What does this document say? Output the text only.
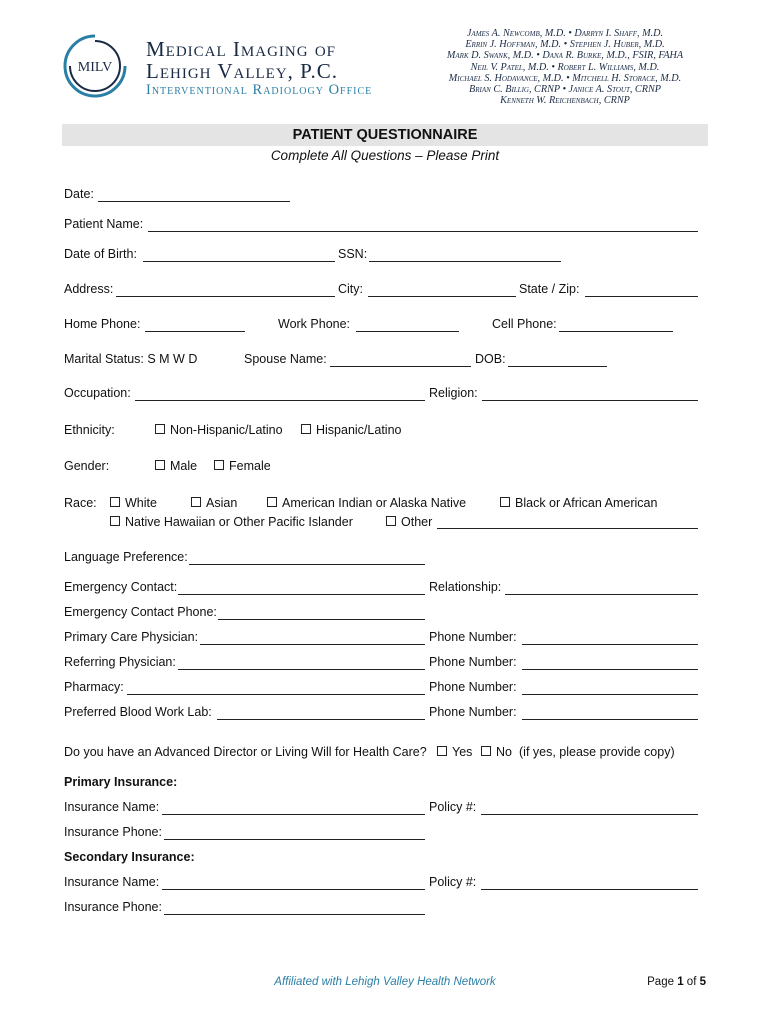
MILV
Medical Imaging of
Lehigh Valley, P.C.
Interventional Radiology Office
James A. Newcomb, M.D. • Darryn I. Shaff, M.D.
Errin J. Hoffman, M.D. • Stephen J. Huber, M.D.
Mark D. Swank, M.D. • Dana R. Burke, M.D., FSIR, FAHA
Neil V. Patel, M.D. • Robert L. Williams, M.D.
Michael S. Hodavance, M.D. • Mitchell H. Storace, M.D.
Brian C. Billig, CRNP • Janice A. Stout, CRNP
Kenneth W. Reichenbach, CRNP
PATIENT QUESTIONNAIRE
Complete All Questions – Please Print
Date:
Patient Name:
Date of Birth:	SSN:
Address:	City:	State / Zip:
Home Phone:	Work Phone:	Cell Phone:
Marital Status: S M W D	Spouse Name:	DOB:
Occupation:	Religion:
Ethnicity:	Non-Hispanic/Latino	Hispanic/Latino
Gender:	Male	Female
Race:	White	Asian	American Indian or Alaska Native	Black or African American
Native Hawaiian or Other Pacific Islander	Other
Language Preference:
Emergency Contact:	Relationship:
Emergency Contact Phone:
Primary Care Physician:	Phone Number:
Referring Physician:	Phone Number:
Pharmacy:	Phone Number:
Preferred Blood Work Lab:	Phone Number:
Do you have an Advanced Director or Living Will for Health Care?	Yes	No (if yes, please provide copy)
Primary Insurance:
Insurance Name:	Policy #:
Insurance Phone:
Secondary Insurance:
Insurance Name:	Policy #:
Insurance Phone:
Affiliated with Lehigh Valley Health Network	Page 1 of 5
